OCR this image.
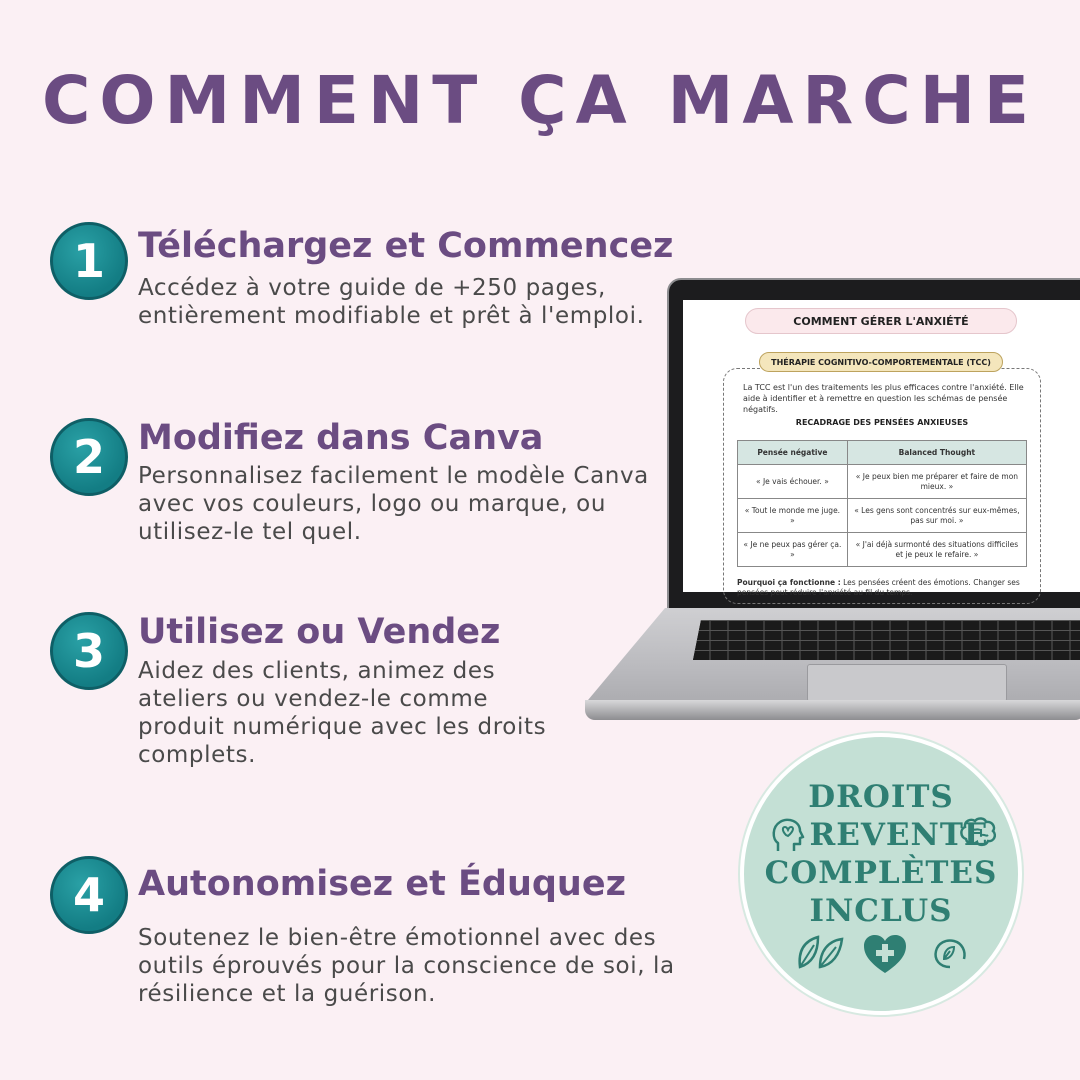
COMMENT ÇA MARCHE
1 Téléchargez et Commencez
Accédez à votre guide de +250 pages, entièrement modifiable et prêt à l'emploi.
2 Modifiez dans Canva
Personnalisez facilement le modèle Canva avec vos couleurs, logo ou marque, ou utilisez-le tel quel.
3 Utilisez ou Vendez
Aidez des clients, animez des ateliers ou vendez-le comme produit numérique avec les droits complets.
4 Autonomisez et Éduquez
Soutenez le bien-être émotionnel avec des outils éprouvés pour la conscience de soi, la résilience et la guérison.
COMMENT GÉRER L'ANXIÉTÉ
THÉRAPIE COGNITIVO-COMPORTEMENTALE (TCC)
La TCC est l'un des traitements les plus efficaces contre l'anxiété. Elle aide à identifier et à remettre en question les schémas de pensée négatifs.
RECADRAGE DES PENSÉES ANXIEUSES
Pensée négative	Balanced Thought
« Je vais échouer. »	« Je peux bien me préparer et faire de mon mieux. »
« Tout le monde me juge. »	« Les gens sont concentrés sur eux-mêmes, pas sur moi. »
« Je ne peux pas gérer ça. »	« J'ai déjà surmonté des situations difficiles et je peux le refaire. »
Pourquoi ça fonctionne : Les pensées créent des émotions. Changer ses pensées peut réduire l'anxiété au fil du temps.
DROITS
REVENTE
COMPLÈTES
INCLUS
